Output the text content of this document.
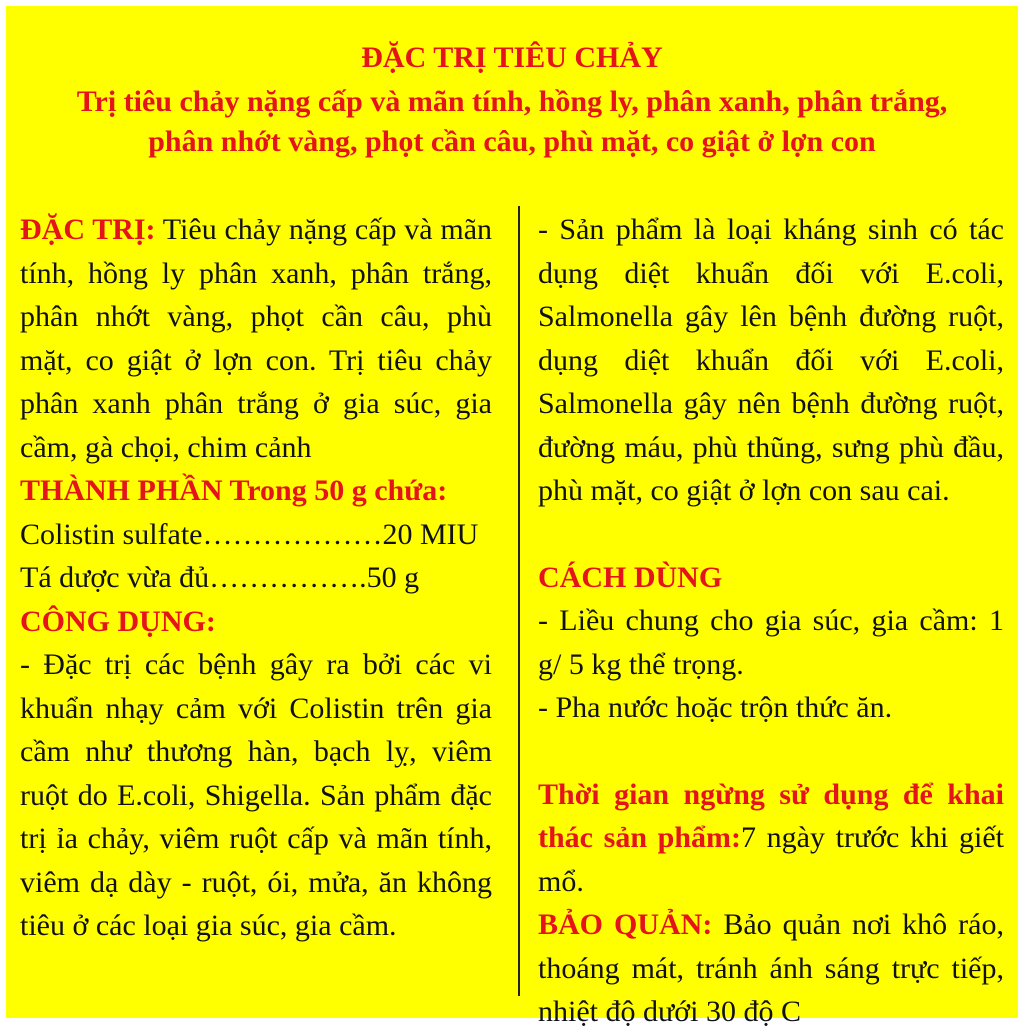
ĐẶC TRỊ TIÊU CHẢY
Trị tiêu chảy nặng cấp và mãn tính, hồng ly, phân xanh, phân trắng, phân nhớt vàng, phọt cần câu, phù mặt, co giật ở lợn con

ĐẶC TRỊ: Tiêu chảy nặng cấp và mãn tính, hồng ly phân xanh, phân trắng, phân nhớt vàng, phọt cần câu, phù mặt, co giật ở lợn con. Trị tiêu chảy phân xanh phân trắng ở gia súc, gia cầm, gà chọi, chim cảnh

THÀNH PHẦN Trong 50 g chứa:

Colistin sulfate………………20 MIU

Tá dược vừa đủ…………….50 g

CÔNG DỤNG:

- Đặc trị các bệnh gây ra bởi các vi khuẩn nhạy cảm với Colistin trên gia cầm như thương hàn, bạch lỵ, viêm ruột do E.coli, Shigella. Sản phẩm đặc trị ỉa chảy, viêm ruột cấp và mãn tính, viêm dạ dày - ruột, ói, mửa, ăn không tiêu ở các loại gia súc, gia cầm.

- Sản phẩm là loại kháng sinh có tác dụng diệt khuẩn đối với E.coli, Salmonella gây lên bệnh đường ruột, dụng diệt khuẩn đối với E.coli, Salmonella gây nên bệnh đường ruột, đường máu, phù thũng, sưng phù đầu, phù mặt, co giật ở lợn con sau cai.

CÁCH DÙNG

- Liều chung cho gia súc, gia cầm: 1 g/ 5 kg thể trọng.

- Pha nước hoặc trộn thức ăn.

Thời gian ngừng sử dụng để khai thác sản phẩm:7 ngày trước khi giết mổ.

BẢO QUẢN: Bảo quản nơi khô ráo, thoáng mát, tránh ánh sáng trực tiếp, nhiệt độ dưới 30 độ C
